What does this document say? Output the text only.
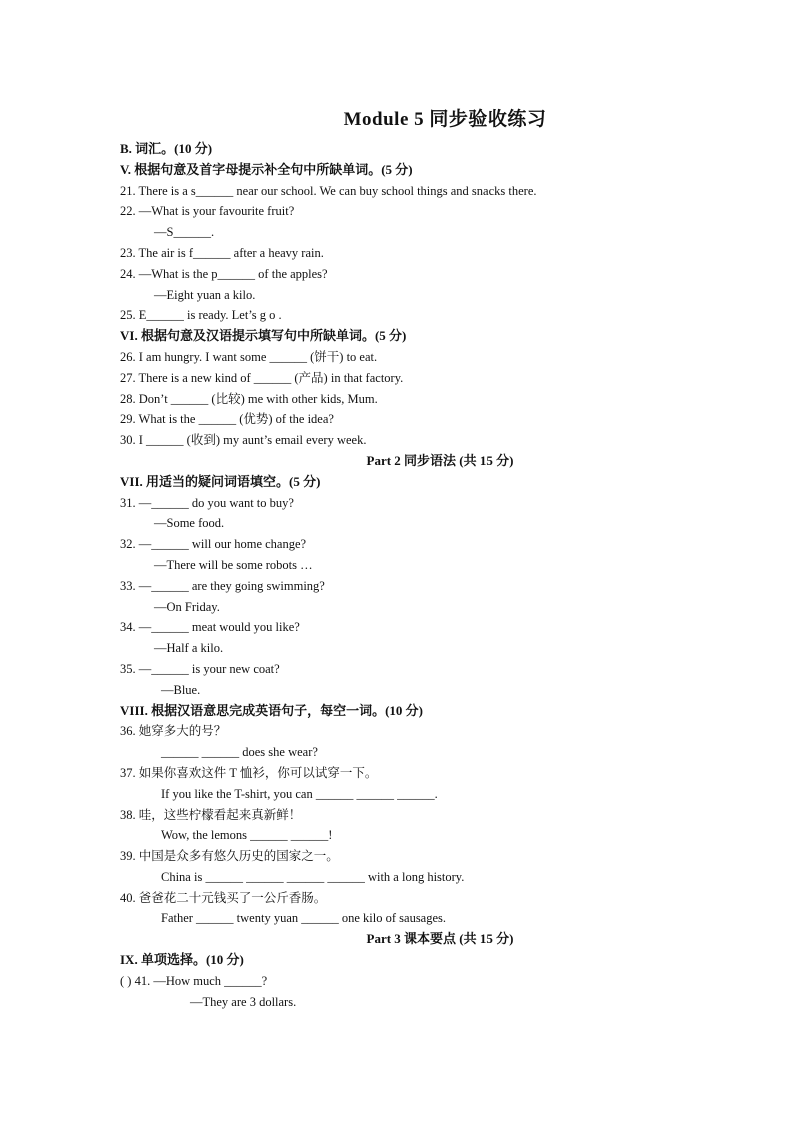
Module 5 同步验收练习
B. 词汇。(10 分)
V. 根据句意及首字母提示补全句中所缺单词。(5 分)
21. There is a s______ near our school. We can buy school things and snacks there.
22. —What is your favourite fruit?
—S______.
23. The air is f______ after a heavy rain.
24. —What is the p______ of the apples?
—Eight yuan a kilo.
25. E______ is ready. Let’s g o .
VI. 根据句意及汉语提示填写句中所缺单词。(5 分)
26. I am hungry. I want some ______ (饼干) to eat.
27. There is a new kind of ______ (产品) in that factory.
28. Don’t ______ (比较) me with other kids, Mum.
29. What is the ______ (优势) of the idea?
30. I ______ (收到) my aunt’s email every week.
Part 2 同步语法 (共 15 分)
VII. 用适当的疑问词语填空。(5 分)
31. —______ do you want to buy?
—Some food.
32. —______ will our home change?
—There will be some robots …
33. —______ are they going swimming?
—On Friday.
34. —______ meat would you like?
—Half a kilo.
35. —______ is your new coat?
—Blue.
VIII. 根据汉语意思完成英语句子，每空一词。(10 分)
36. 她穿多大的号？
______ ______ does she wear?
37. 如果你喜欢这件 T 恤衫，你可以试穿一下。
If you like the T-shirt, you can ______ ______ ______.
38. 哇，这些柠檬看起来真新鲜！
Wow, the lemons ______ ______!
39. 中国是众多有悠久历史的国家之一。
China is ______ ______ ______ ______ with a long history.
40. 爸爸花二十元钱买了一公斤香肠。
Father ______ twenty yuan ______ one kilo of sausages.
Part 3 课本要点 (共 15 分)
IX. 单项选择。(10 分)
( ) 41. —How much ______?
—They are 3 dollars.
